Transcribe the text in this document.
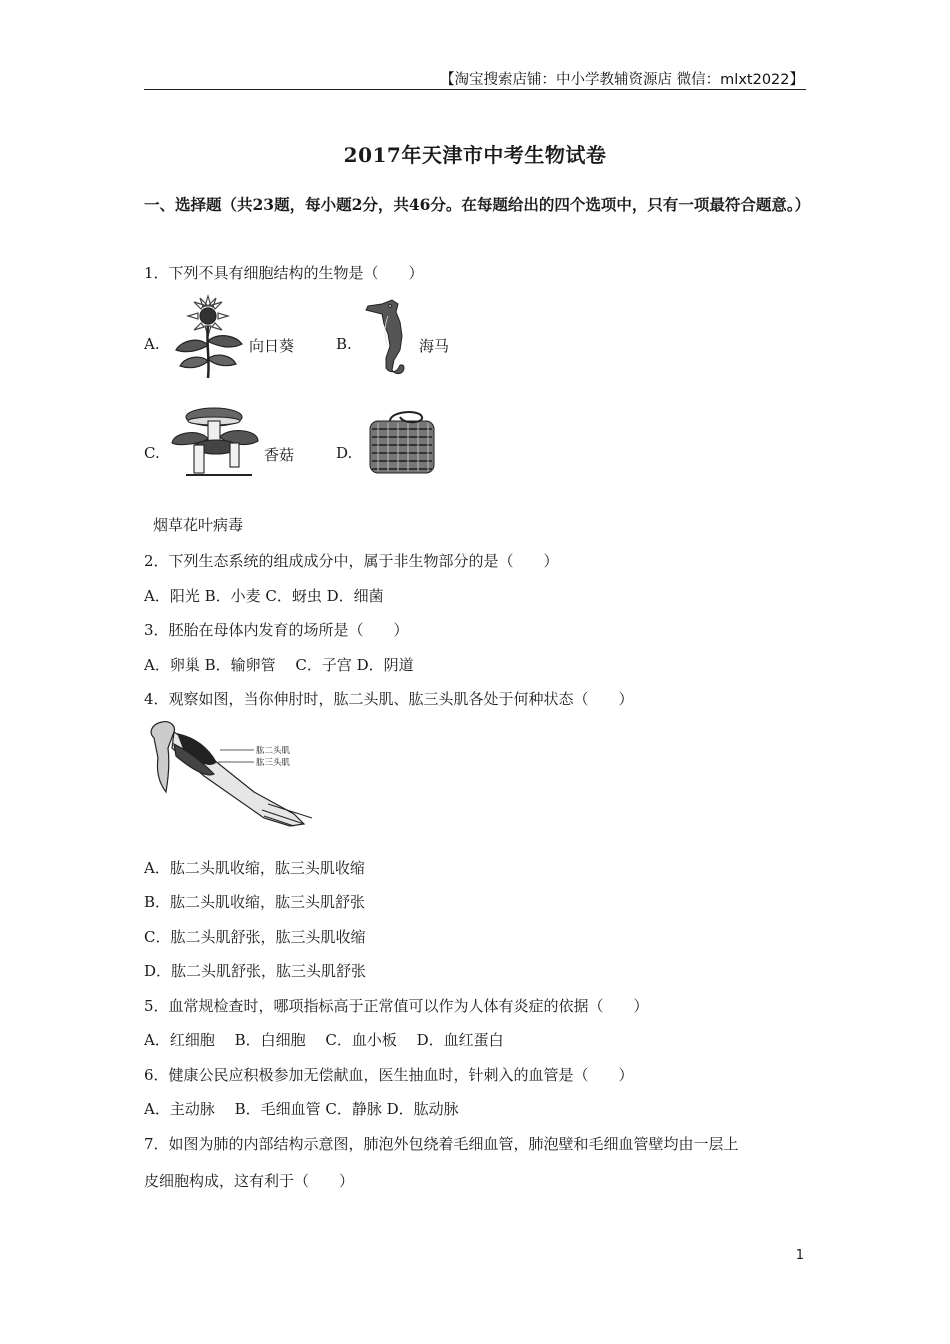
【淘宝搜索店铺：中小学教辅资源店 微信：mlxt2022】
2017年天津市中考生物试卷
一、选择题（共23题，每小题2分，共46分。在每题给出的四个选项中，只有一项最符合题意。）
1．下列不具有细胞结构的生物是（　　）
A.	向日葵	B.	海马
C.	香菇	D.
烟草花叶病毒
2．下列生态系统的组成成分中，属于非生物部分的是（　　）
A．阳光 B．小麦 C．蚜虫 D．细菌
3．胚胎在母体内发育的场所是（　　）
A．卵巢 B．输卵管　 C．子宫 D．阴道
4．观察如图，当你伸肘时，肱二头肌、肱三头肌各处于何种状态（　　）
肱二头肌
肱三头肌
A．肱二头肌收缩，肱三头肌收缩
B．肱二头肌收缩，肱三头肌舒张
C．肱二头肌舒张，肱三头肌收缩
D．肱二头肌舒张，肱三头肌舒张
5．血常规检查时，哪项指标高于正常值可以作为人体有炎症的依据（　　）
A．红细胞　 B．白细胞　 C．血小板　 D．血红蛋白
6．健康公民应积极参加无偿献血，医生抽血时，针刺入的血管是（　　）
A．主动脉　 B．毛细血管 C．静脉 D．肱动脉
7．如图为肺的内部结构示意图，肺泡外包绕着毛细血管，肺泡壁和毛细血管壁均由一层上
皮细胞构成，这有利于（　　）
1
